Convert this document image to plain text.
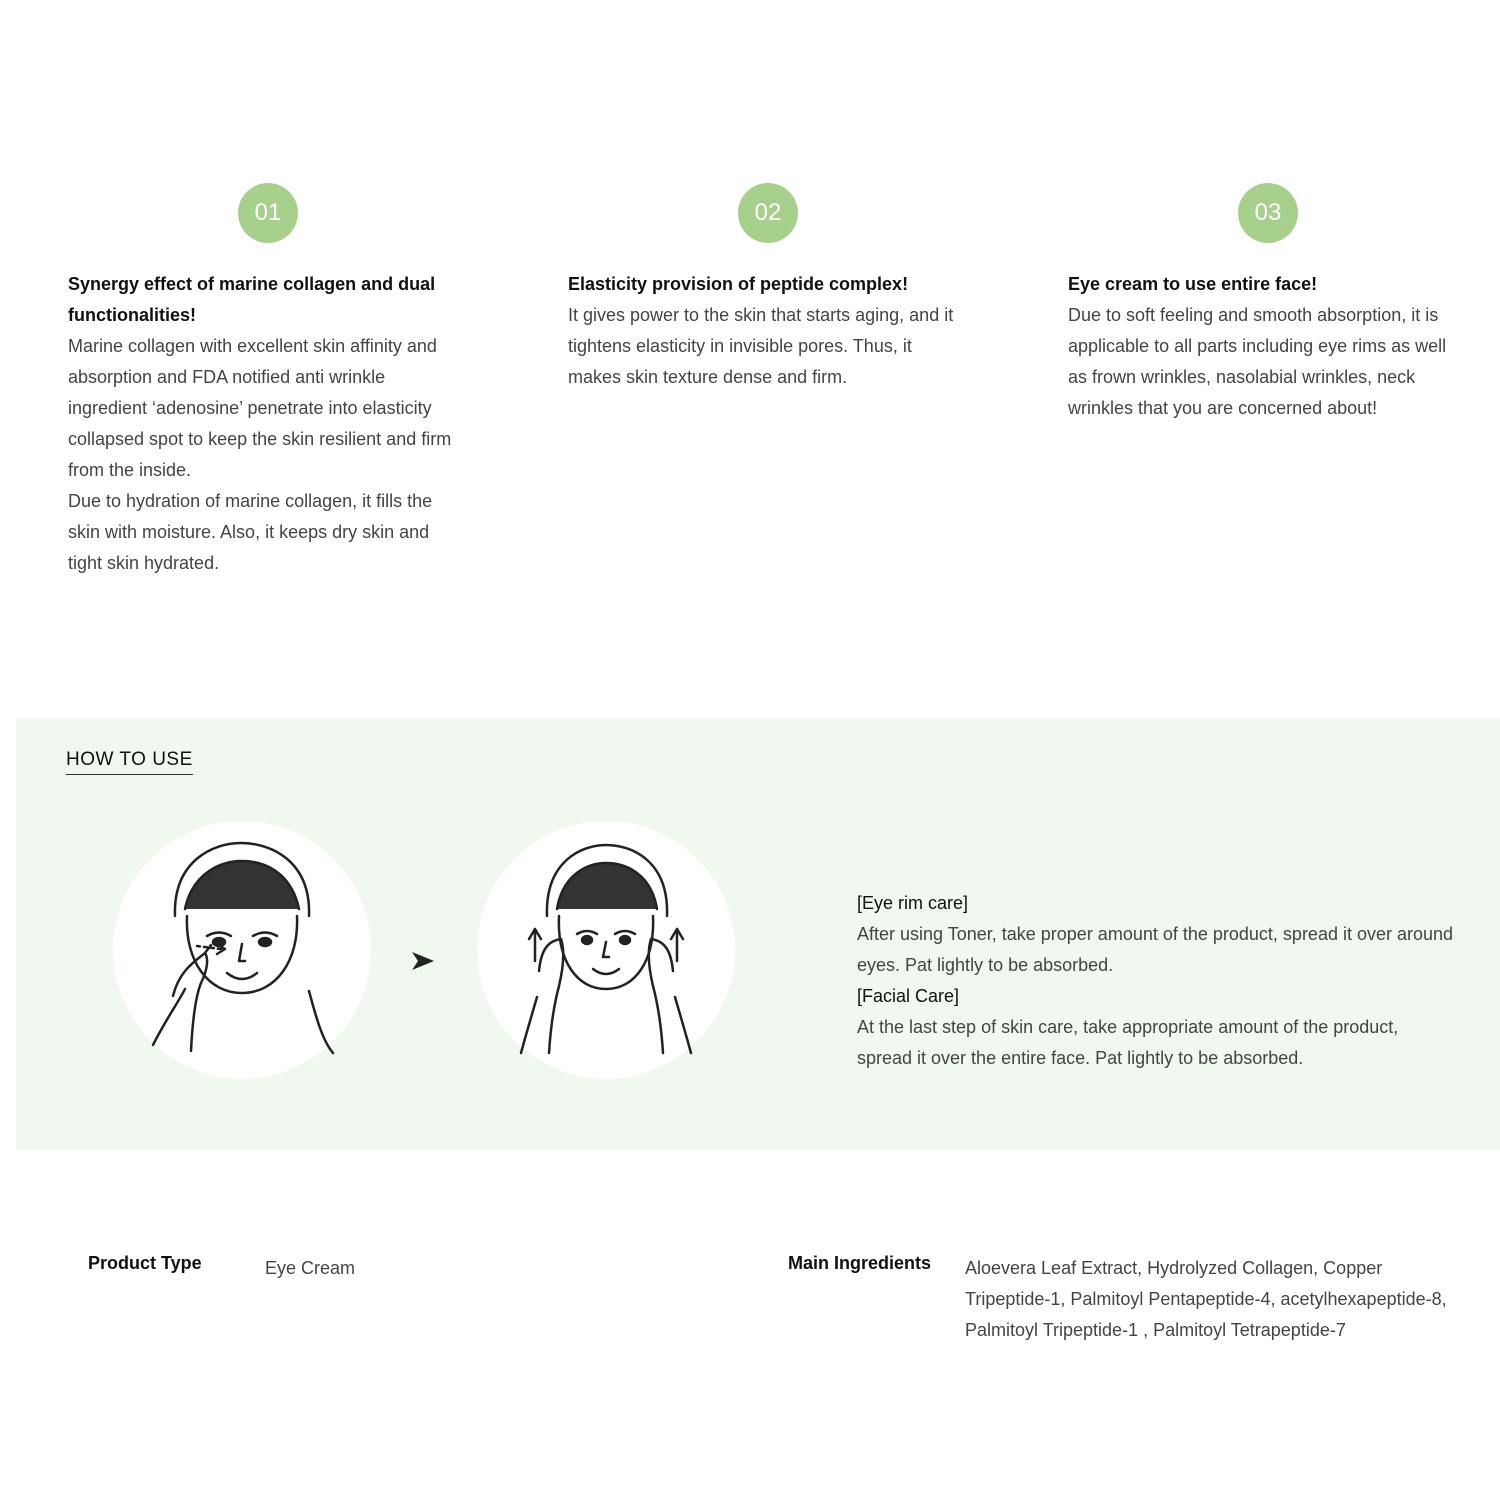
01
Synergy effect of marine collagen and dual functionalities!
Marine collagen with excellent skin affinity and absorption and FDA notified anti wrinkle ingredient ‘adenosine’ penetrate into elasticity collapsed spot to keep the skin resilient and firm from the inside.
Due to hydration of marine collagen, it fills the skin with moisture. Also, it keeps dry skin and tight skin hydrated.
02
Elasticity provision of peptide complex!
It gives power to the skin that starts aging, and it tightens elasticity in invisible pores. Thus, it makes skin texture dense and firm.
03
Eye cream to use entire face!
Due to soft feeling and smooth absorption, it is applicable to all parts including eye rims as well as frown wrinkles, nasolabial wrinkles, neck wrinkles that you are concerned about!
HOW TO USE
[Eye rim care]
After using Toner, take proper amount of the product, spread it over around eyes. Pat lightly to be absorbed.
[Facial Care]
At the last step of skin care, take appropriate amount of the product, spread it over the entire face. Pat lightly to be absorbed.
Product Type	Eye Cream	Main Ingredients Aloevera Leaf Extract, Hydrolyzed Collagen, Copper Tripeptide-1, Palmitoyl Pentapeptide-4, acetylhexapeptide-8, Palmitoyl Tripeptide-1 , Palmitoyl Tetrapeptide-7
